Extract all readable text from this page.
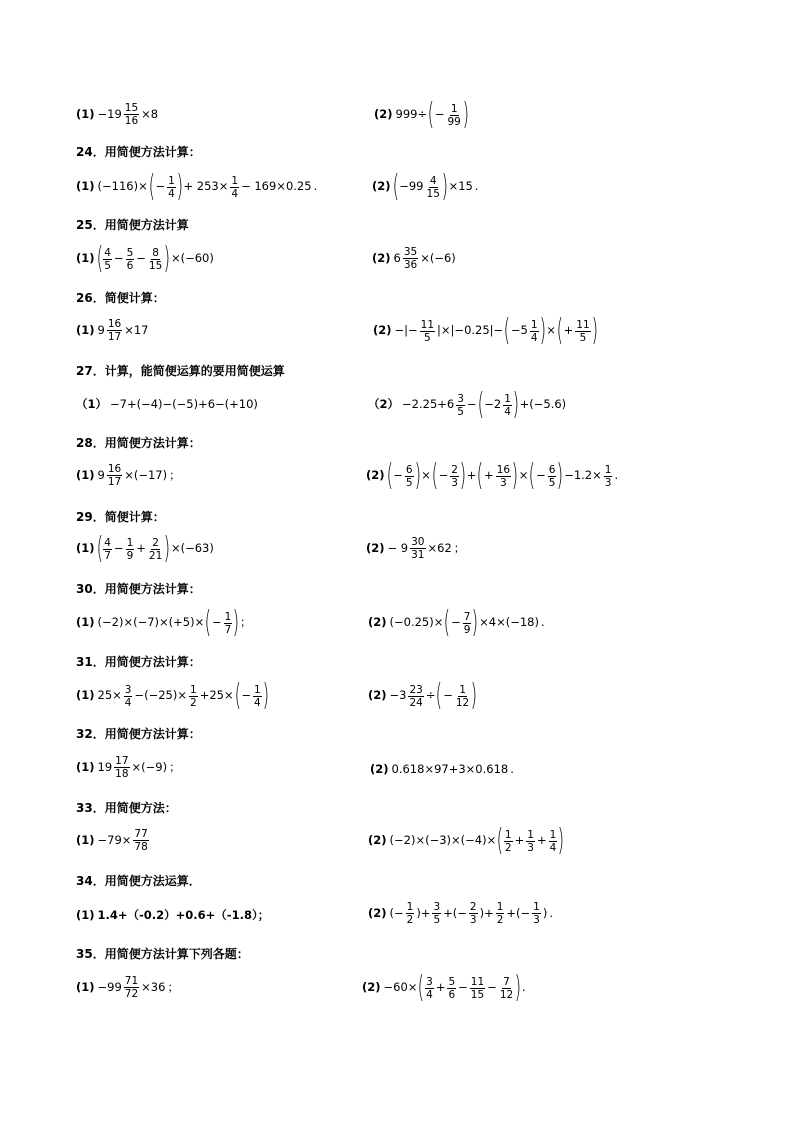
$(1) -19 \frac{15}{16} \times 8$	(2) 999÷ ( − $\frac{1}{99}$ )
24．用简便方法计算：
(1) (−116)× ( − $\frac{1}{4}$ ) + $253\times \frac{1}{4} - 169\times 0.25$ .	(2) ( $-99 \frac{4}{15}$ ) ×15 .
25．用简便方法计算
(1) ( $\frac{4}{5} - \frac{5}{6} - \frac{8}{15}$ ) ×(−60)	(2) $6 \frac{35}{36} \times(-6)$
26．简便计算：
(1) $9 \frac{16}{17} \times 17$	(2) −|− $\frac{11}{5} |\times|-0.25|-$ ( $-5 \frac{1}{4}$ ) × ( + $\frac{11}{5}$ )
27．计算，能简便运算的要用简便运算
（1） −7+(−4)−(−5)+6−(+10)	$(2) -2.25+6 \frac{3}{5}$ − ( $-2 \frac{1}{4}$ ) +(−5.6)
28．用简便方法计算：
(1) $9 \frac{16}{17} \times(-17)$ ；	(2) ( − $\frac{6}{5}$ ) × ( − $\frac{2}{3}$ ) + ( + $\frac{16}{3}$ ) × ( − $\frac{6}{5}$ ) $-1.2\times \frac{1}{3}$ .
29．简便计算：
(1) ( $\frac{4}{7} - \frac{1}{9} + \frac{2}{21}$ ) ×(−63)	$(2) - 9 \frac{30}{31} \times 62$ ；
30．用简便方法计算：
(1) (−2)×(−7)×(+5)× ( − $\frac{1}{7}$ ) ；	(2) (−0.25)× ( − $\frac{7}{9}$ ) ×4×(−18) .
31．用简便方法计算：
(1) $25\times \frac{3}{4} -(-25)\times \frac{1}{2} +25\times$ ( − $\frac{1}{4}$ )	$(2) -3 \frac{23}{24}$ ÷ ( − $\frac{1}{12}$ )
32．用简便方法计算：
(1) $19 \frac{17}{18} \times(-9)$ ；	(2) 0.618×97+3×0.618 .
33．用简便方法：
$(1) -79\times \frac{77}{78}$	(2) (−2)×(−3)×(−4)× ( $\frac{1}{2} + \frac{1}{3} + \frac{1}{4}$ )
34．用简便方法运算．
(1) 1.4+（-0.2）+0.6+（-1.8）；	(2) (− $\frac{1}{2}$ )+ $\frac{3}{5}$ +(− $\frac{2}{3}$ )+ $\frac{1}{2}$ +(− $\frac{1}{3}$ ) .
35．用简便方法计算下列各题：
$(1) -99 \frac{71}{72} \times 36$ ；	(2) −60× ( $\frac{3}{4} + \frac{5}{6} - \frac{11}{15} - \frac{7}{12}$ ) .
